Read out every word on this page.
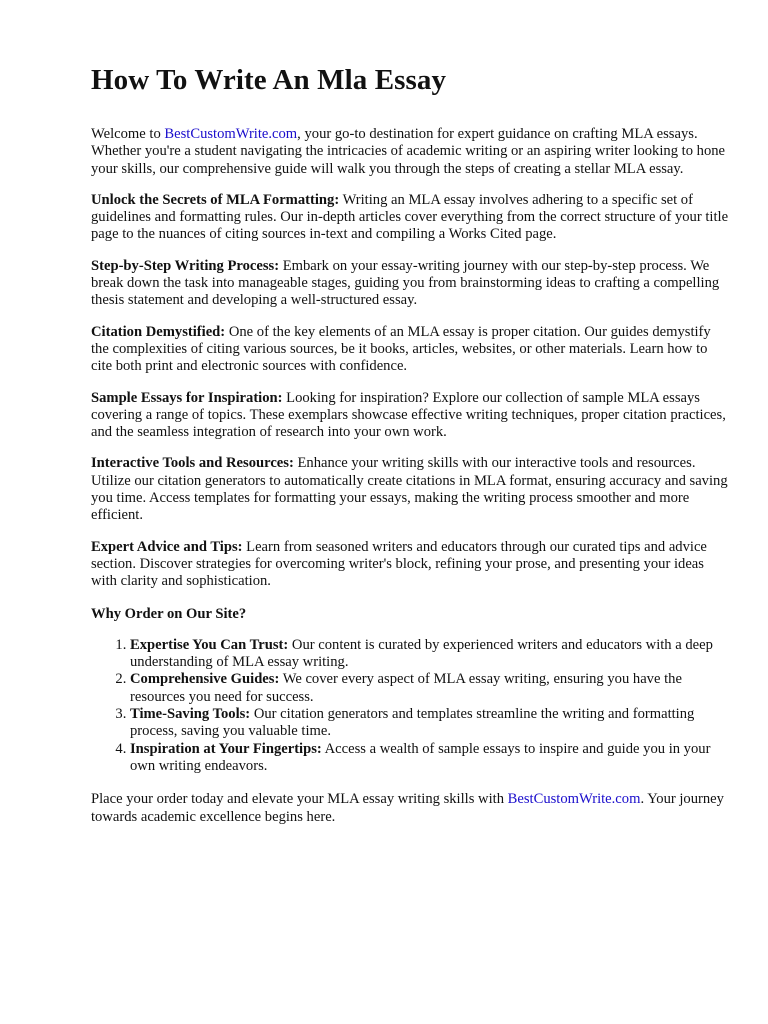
How To Write An Mla Essay

Welcome to BestCustomWrite.com, your go-to destination for expert guidance on crafting MLA essays. Whether you're a student navigating the intricacies of academic writing or an aspiring writer looking to hone your skills, our comprehensive guide will walk you through the steps of creating a stellar MLA essay.

Unlock the Secrets of MLA Formatting: Writing an MLA essay involves adhering to a specific set of guidelines and formatting rules. Our in-depth articles cover everything from the correct structure of your title page to the nuances of citing sources in-text and compiling a Works Cited page.

Step-by-Step Writing Process: Embark on your essay-writing journey with our step-by-step process. We break down the task into manageable stages, guiding you from brainstorming ideas to crafting a compelling thesis statement and developing a well-structured essay.

Citation Demystified: One of the key elements of an MLA essay is proper citation. Our guides demystify the complexities of citing various sources, be it books, articles, websites, or other materials. Learn how to cite both print and electronic sources with confidence.

Sample Essays for Inspiration: Looking for inspiration? Explore our collection of sample MLA essays covering a range of topics. These exemplars showcase effective writing techniques, proper citation practices, and the seamless integration of research into your own work.

Interactive Tools and Resources: Enhance your writing skills with our interactive tools and resources. Utilize our citation generators to automatically create citations in MLA format, ensuring accuracy and saving you time. Access templates for formatting your essays, making the writing process smoother and more efficient.

Expert Advice and Tips: Learn from seasoned writers and educators through our curated tips and advice section. Discover strategies for overcoming writer's block, refining your prose, and presenting your ideas with clarity and sophistication.

Why Order on Our Site?

1. Expertise You Can Trust: Our content is curated by experienced writers and educators with a deep understanding of MLA essay writing.
2. Comprehensive Guides: We cover every aspect of MLA essay writing, ensuring you have the resources you need for success.
3. Time-Saving Tools: Our citation generators and templates streamline the writing and formatting process, saving you valuable time.
4. Inspiration at Your Fingertips: Access a wealth of sample essays to inspire and guide you in your own writing endeavors.

Place your order today and elevate your MLA essay writing skills with BestCustomWrite.com. Your journey towards academic excellence begins here.
